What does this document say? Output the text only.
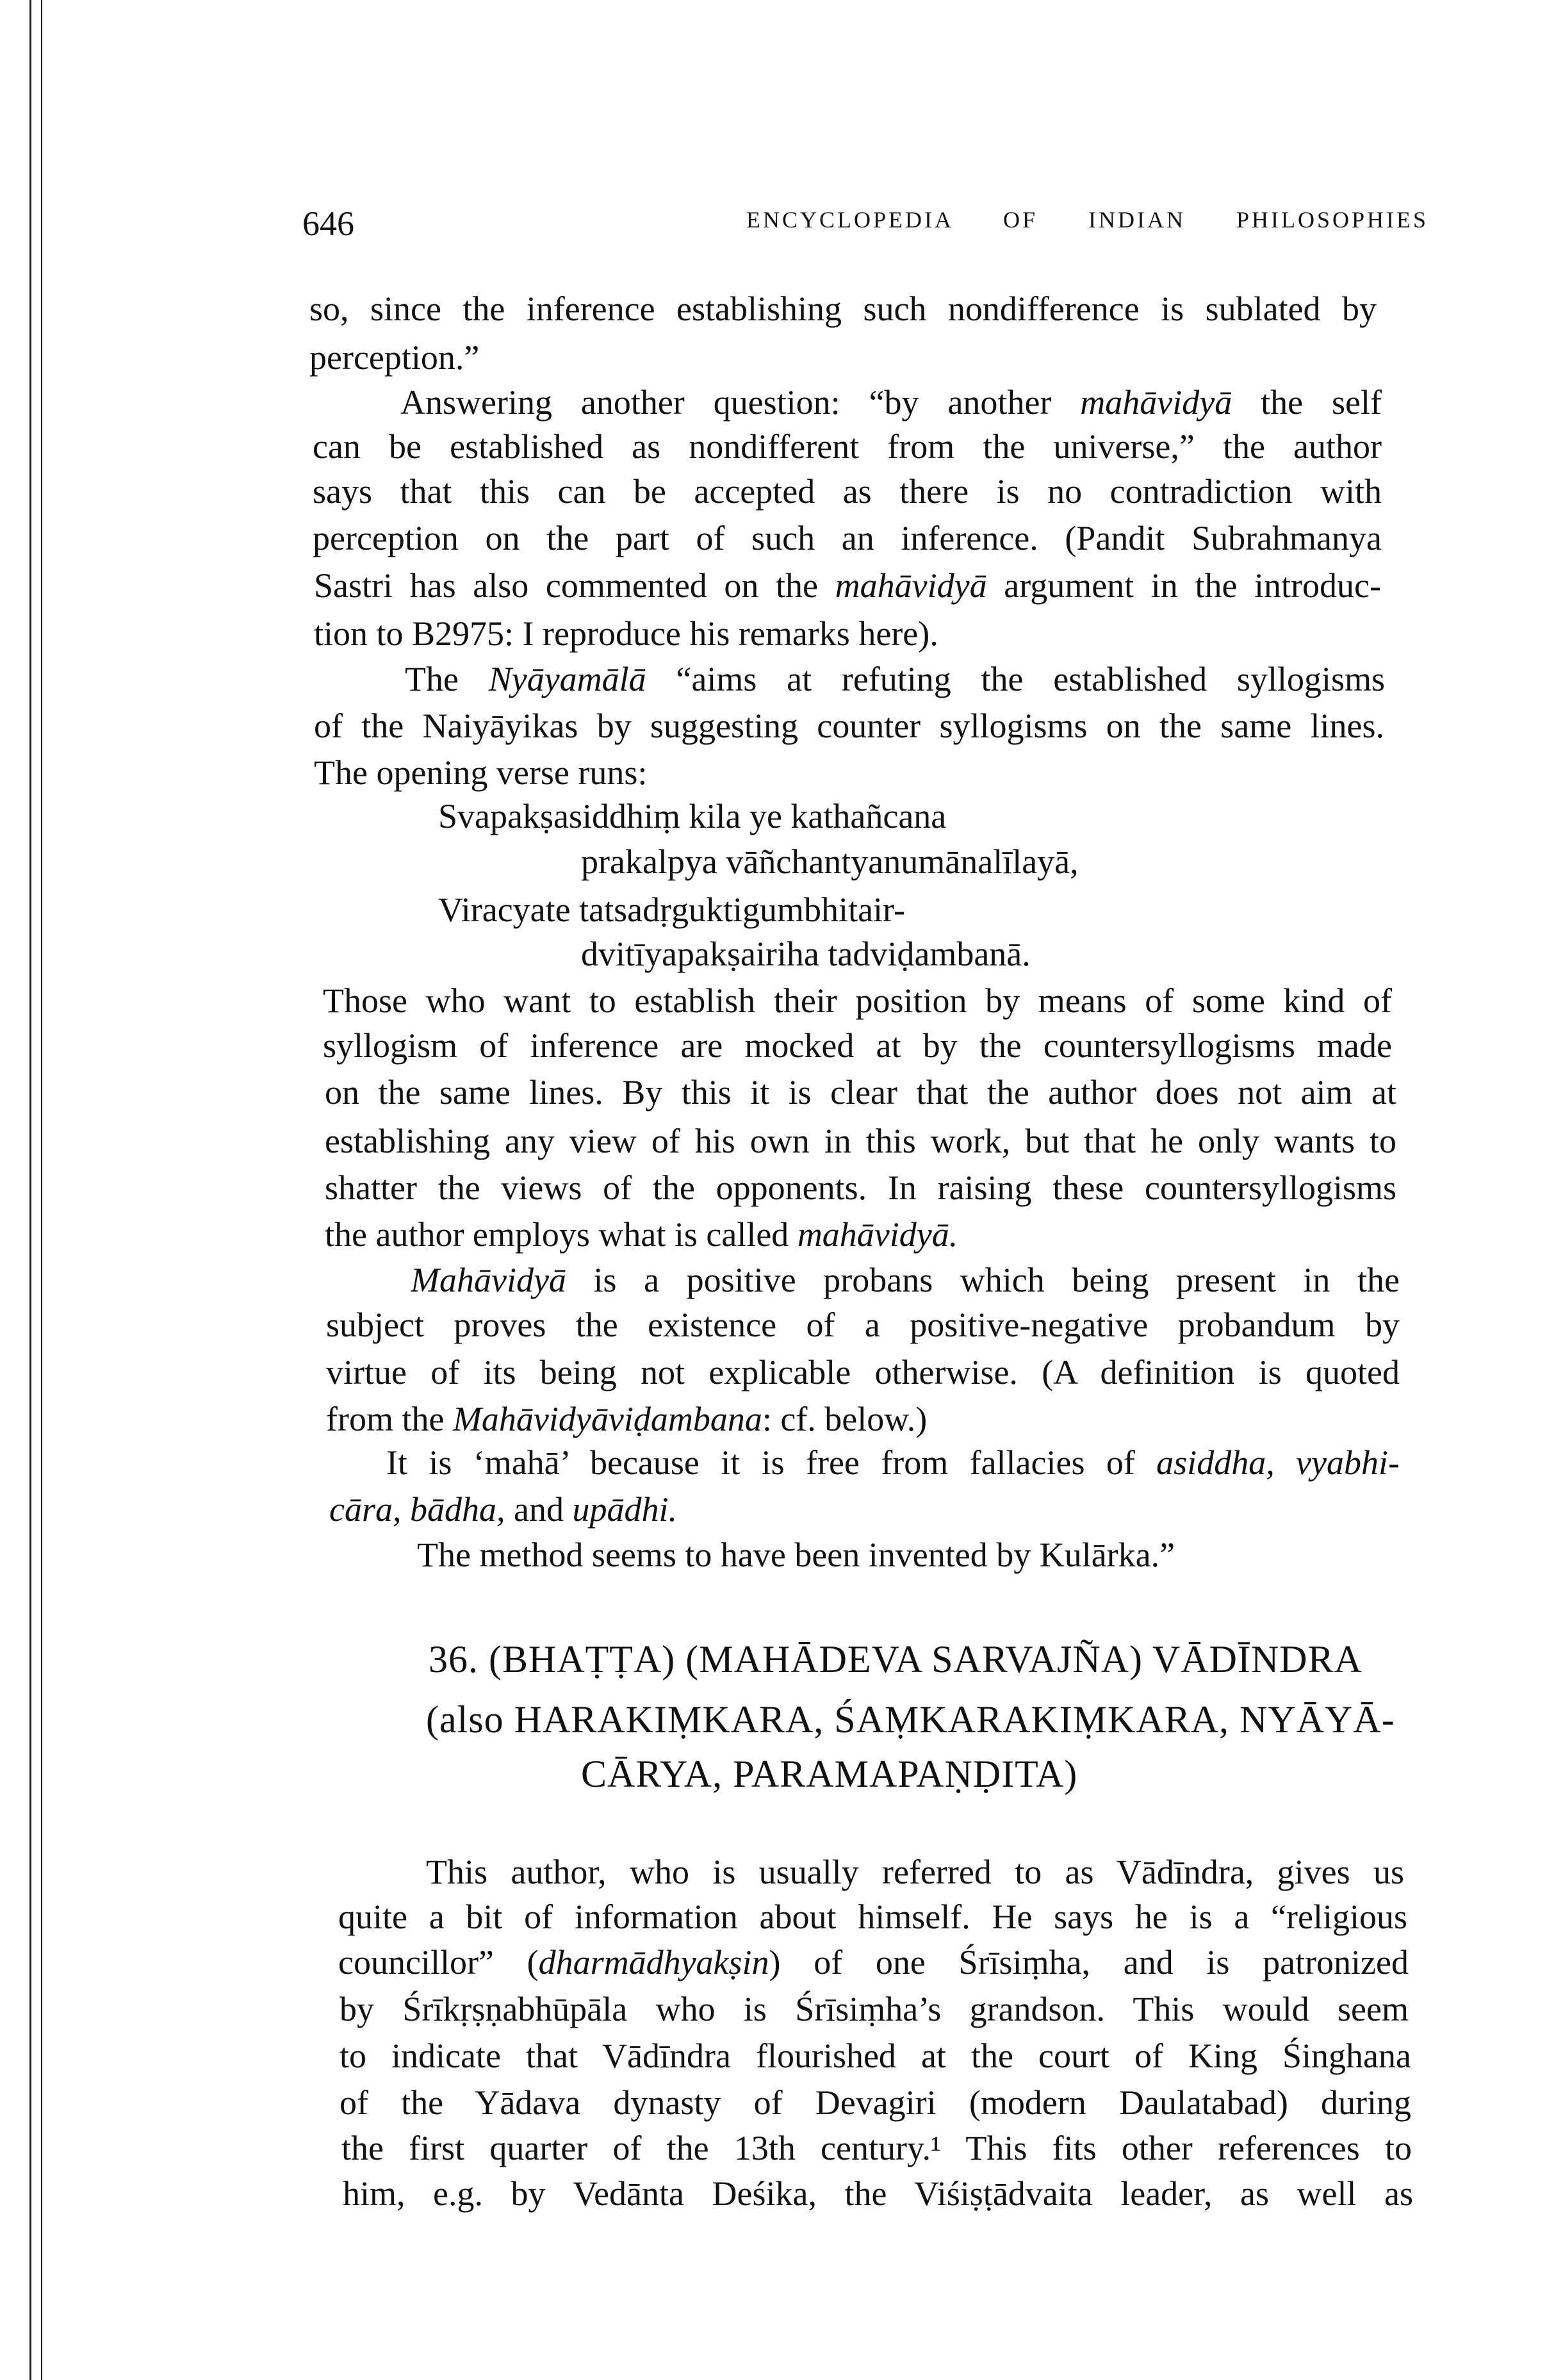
646	ENCYCLOPEDIA OF INDIAN PHILOSOPHIES
so, since the inference establishing such nondifference is sublated by
perception.”
Answering another question: “by another mahāvidyā the self
can be established as nondifferent from the universe,” the author
says that this can be accepted as there is no contradiction with
perception on the part of such an inference. (Pandit Subrahmanya
Sastri has also commented on the mahāvidyā argument in the introduc-
tion to B2975: I reproduce his remarks here).
The Nyāyamālā “aims at refuting the established syllogisms
of the Naiyāyikas by suggesting counter syllogisms on the same lines.
The opening verse runs:
Svapakṣasiddhiṃ kila ye kathañcana
prakalpya vāñchantyanumānalīlayā,
Viracyate tatsadṛguktigumbhitair-
dvitīyapakṣairiha tadviḍambanā.
Those who want to establish their position by means of some kind of
syllogism of inference are mocked at by the countersyllogisms made
on the same lines. By this it is clear that the author does not aim at
establishing any view of his own in this work, but that he only wants to
shatter the views of the opponents. In raising these countersyllogisms
the author employs what is called mahāvidyā.
Mahāvidyā is a positive probans which being present in the
subject proves the existence of a positive-negative probandum by
virtue of its being not explicable otherwise. (A definition is quoted
from the Mahāvidyāviḍambana: cf. below.)
It is ‘mahā’ because it is free from fallacies of asiddha, vyabhi-
cāra, bādha, and upādhi.
The method seems to have been invented by Kulārka.”
36. (BHAṬṬA) (MAHĀDEVA SARVAJÑA) VĀDĪNDRA
(also HARAKIṂKARA, ŚAṂKARAKIṂKARA, NYĀYĀ-
CĀRYA, PARAMAPAṆḌITA)
This author, who is usually referred to as Vādīndra, gives us
quite a bit of information about himself. He says he is a “religious
councillor” (dharmādhyakṣin) of one Śrīsiṃha, and is patronized
by Śrīkṛṣṇabhūpāla who is Śrīsiṃha’s grandson. This would seem
to indicate that Vādīndra flourished at the court of King Śinghana
of the Yādava dynasty of Devagiri (modern Daulatabad) during
the first quarter of the 13th century.¹ This fits other references to
him, e.g. by Vedānta Deśika, the Viśiṣṭādvaita leader, as well as
